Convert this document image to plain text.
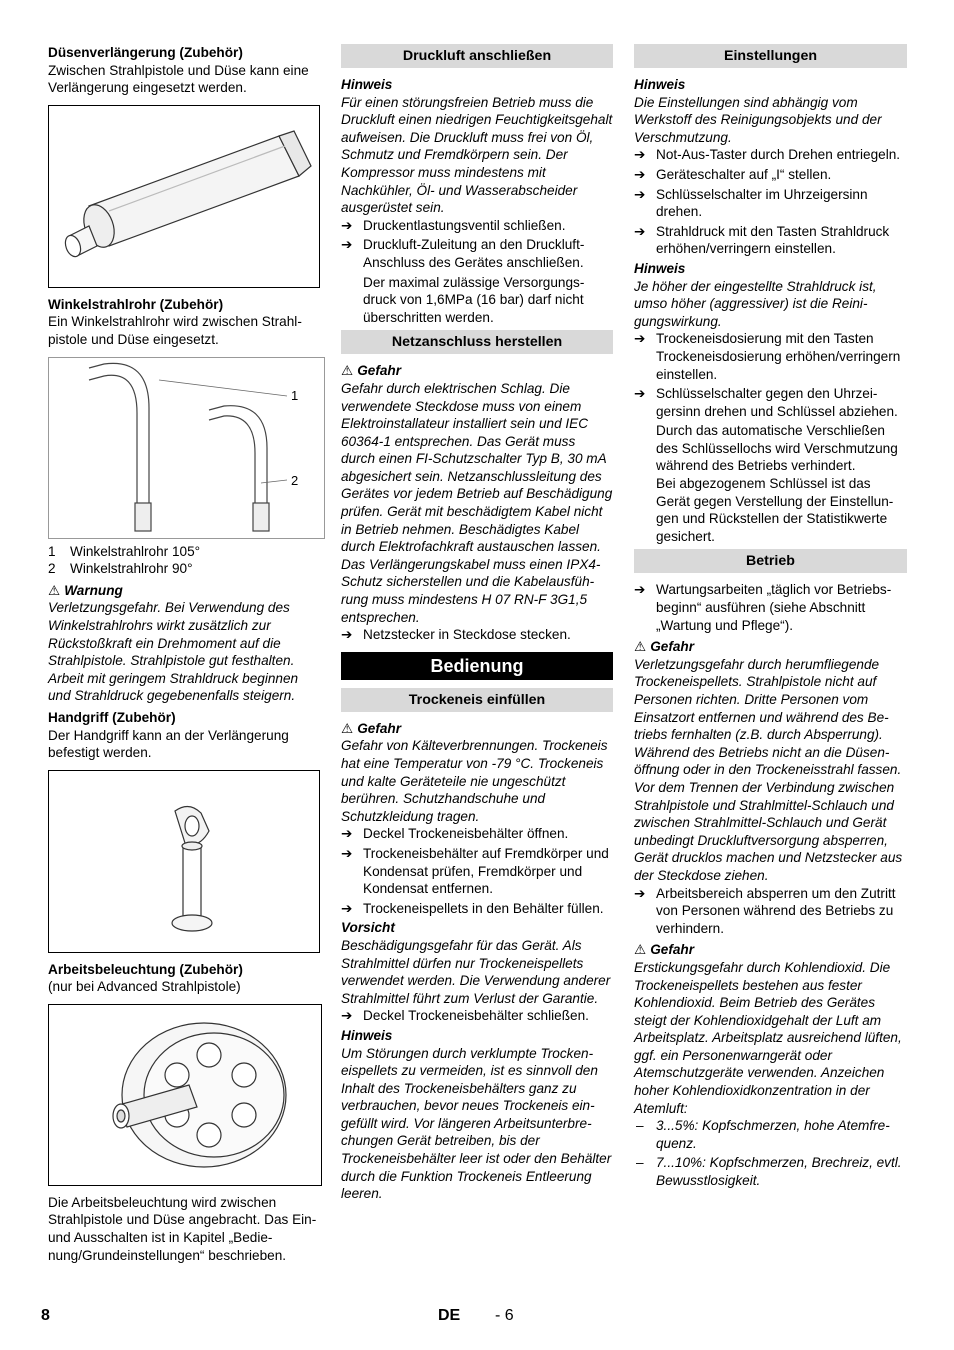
Düsenverlängerung (Zubehör)

Zwischen Strahlpistole und Düse kann eine Verlängerung eingesetzt werden.

Winkelstrahlrohr (Zubehör)

Ein Winkelstrahlrohr wird zwischen Strahlpistole und Düse eingesetzt.

1
2
1 Winkelstrahlrohr 105°
2 Winkelstrahlrohr 90°

⚠ Warnung

Verletzungsgefahr. Bei Verwendung des Winkelstrahlrohrs wirkt zusätzlich zur Rückstoßkraft ein Drehmoment auf die Strahlpistole. Strahlpistole gut festhalten. Arbeit mit geringem Strahldruck beginnen und Strahldruck gegebenenfalls steigern.

Handgriff (Zubehör)

Der Handgriff kann an der Verlängerung befestigt werden.

Arbeitsbeleuchtung (Zubehör)

(nur bei Advanced Strahlpistole)

Die Arbeitsbeleuchtung wird zwischen Strahlpistole und Düse angebracht. Das Ein- und Ausschalten ist in Kapitel „Bedienung/Grundeinstellungen“ beschrieben.

Druckluft anschließen

Hinweis

Für einen störungsfreien Betrieb muss die Druckluft einen niedrigen Feuchtigkeitsgehalt aufweisen. Die Druckluft muss frei von Öl, Schmutz und Fremdkörpern sein. Der Kompressor muss mindestens mit Nachkühler, Öl- und Wasserabscheider ausgerüstet sein.

➔ Druckentlastungsventil schließen.
➔ Druckluft-Zuleitung an den Druckluft-Anschluss des Gerätes anschließen.

Der maximal zulässige Versorgungsdruck von 1,6MPa (16 bar) darf nicht überschritten werden.

Netzanschluss herstellen

⚠ Gefahr

Gefahr durch elektrischen Schlag. Die verwendete Steckdose muss von einem Elektroinstallateur installiert sein und IEC 60364-1 entsprechen. Das Gerät muss durch einen FI-Schutzschalter Typ B, 30 mA abgesichert sein. Netzanschlussleitung des Gerätes vor jedem Betrieb auf Beschädigung prüfen. Gerät mit beschädigtem Kabel nicht in Betrieb nehmen. Beschädigtes Kabel durch Elektrofachkraft austauschen lassen. Das Verlängerungskabel muss einen IPX4-Schutz sicherstellen und die Kabelausführung muss mindestens H 07 RN-F 3G1,5 entsprechen.

➔ Netzstecker in Steckdose stecken.
Bedienung
Trockeneis einfüllen

⚠ Gefahr

Gefahr von Kälteverbrennungen. Trockeneis hat eine Temperatur von -79 °C. Trockeneis und kalte Geräteteile nie ungeschützt berühren. Schutzhandschuhe und Schutzkleidung tragen.

➔ Deckel Trockeneisbehälter öffnen.
➔ Trockeneisbehälter auf Fremdkörper und Kondensat prüfen, Fremdkörper und Kondensat entfernen.
➔ Trockeneispellets in den Behälter füllen.

Vorsicht

Beschädigungsgefahr für das Gerät. Als Strahlmittel dürfen nur Trockeneispellets verwendet werden. Die Verwendung anderer Strahlmittel führt zum Verlust der Garantie.

➔ Deckel Trockeneisbehälter schließen.

Hinweis

Um Störungen durch verklumpte Trockeneispellets zu vermeiden, ist es sinnvoll den Inhalt des Trockeneisbehälters ganz zu verbrauchen, bevor neues Trockeneis eingefüllt wird. Vor längeren Arbeitsunterbrechungen Gerät betreiben, bis der Trockeneisbehälter leer ist oder den Behälter durch die Funktion Trockeneis Entleerung leeren.

Einstellungen

Hinweis

Die Einstellungen sind abhängig vom Werkstoff des Reinigungsobjekts und der Verschmutzung.

➔ Not-Aus-Taster durch Drehen entriegeln.
➔ Geräteschalter auf „I“ stellen.
➔ Schlüsselschalter im Uhrzeigersinn drehen.
➔ Strahldruck mit den Tasten Strahldruck erhöhen/verringern einstellen.

Hinweis

Je höher der eingestellte Strahldruck ist, umso höher (aggressiver) ist die Reinigungswirkung.

➔ Trockeneisdosierung mit den Tasten Trockeneisdosierung erhöhen/verringern einstellen.
➔ Schlüsselschalter gegen den Uhrzeigersinn drehen und Schlüssel abziehen.

Durch das automatische Verschließen des Schlüssellochs wird Verschmutzung während des Betriebs verhindert.

Bei abgezogenem Schlüssel ist das Gerät gegen Verstellung der Einstellungen und Rückstellen der Statistikwerte gesichert.

Betrieb
➔ Wartungsarbeiten „täglich vor Betriebsbeginn“ ausführen (siehe Abschnitt „Wartung und Pflege“).

⚠ Gefahr

Verletzungsgefahr durch herumfliegende Trockeneispellets. Strahlpistole nicht auf Personen richten. Dritte Personen vom Einsatzort entfernen und während des Betriebs fernhalten (z.B. durch Absperrung). Während des Betriebs nicht an die Düsenöffnung oder in den Trockeneisstrahl fassen. Vor dem Trennen der Verbindung zwischen Strahlpistole und Strahlmittel-Schlauch und zwischen Strahlmittel-Schlauch und Gerät unbedingt Druckluftversorgung absperren, Gerät drucklos machen und Netzstecker aus der Steckdose ziehen.

➔ Arbeitsbereich absperren um den Zutritt von Personen während des Betriebs zu verhindern.

⚠ Gefahr

Erstickungsgefahr durch Kohlendioxid. Die Trockeneispellets bestehen aus fester Kohlendioxid. Beim Betrieb des Gerätes steigt der Kohlendioxidgehalt der Luft am Arbeitsplatz. Arbeitsplatz ausreichend lüften, ggf. ein Personenwarngerät oder Atemschutzgeräte verwenden. Anzeichen hoher Kohlendioxidkonzentration in der Atemluft:

– 3...5%: Kopfschmerzen, hohe Atemfrequenz.
– 7...10%: Kopfschmerzen, Brechreiz, evtl. Bewusstlosigkeit.
8	DE - 6
